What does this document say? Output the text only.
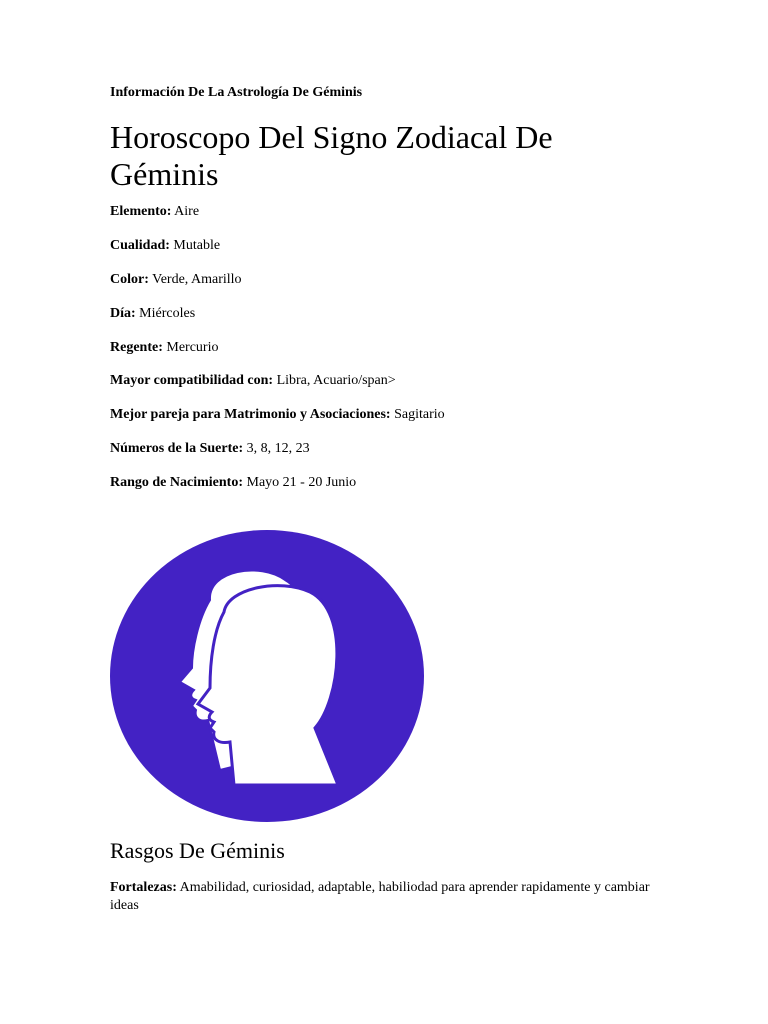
Información De La Astrología De Géminis
Horoscopo Del Signo Zodiacal De Géminis

Elemento: Aire

Cualidad: Mutable

Color: Verde, Amarillo

Día: Miércoles

Regente: Mercurio

Mayor compatibilidad con: Libra, Acuario/span>

Mejor pareja para Matrimonio y Asociaciones: Sagitario

Números de la Suerte: 3, 8, 12, 23

Rango de Nacimiento: Mayo 21 - 20 Junio

Rasgos De Géminis

Fortalezas: Amabilidad, curiosidad, adaptable, habiliodad para aprender rapidamente y cambiar ideas
